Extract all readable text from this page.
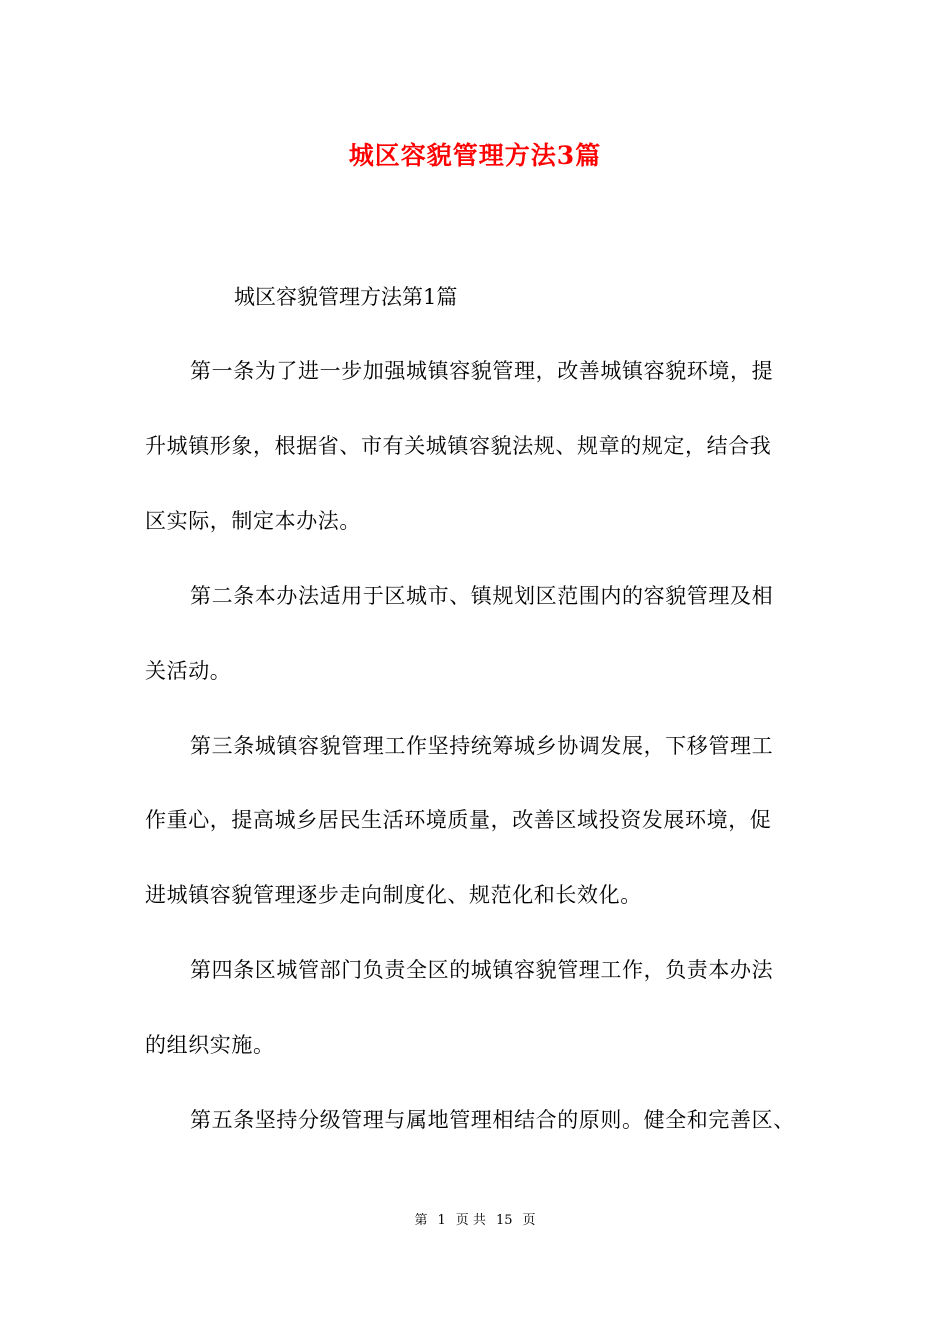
城区容貌管理方法3篇
城区容貌管理方法第1篇
第一条为了进一步加强城镇容貌管理，改善城镇容貌环境，提
升城镇形象，根据省、市有关城镇容貌法规、规章的规定，结合我
区实际，制定本办法。
第二条本办法适用于区城市、镇规划区范围内的容貌管理及相
关活动。
第三条城镇容貌管理工作坚持统筹城乡协调发展，下移管理工
作重心，提高城乡居民生活环境质量，改善区域投资发展环境，促
进城镇容貌管理逐步走向制度化、规范化和长效化。
第四条区城管部门负责全区的城镇容貌管理工作，负责本办法
的组织实施。
第五条坚持分级管理与属地管理相结合的原则。健全和完善区、
第 1 页 共 15 页
